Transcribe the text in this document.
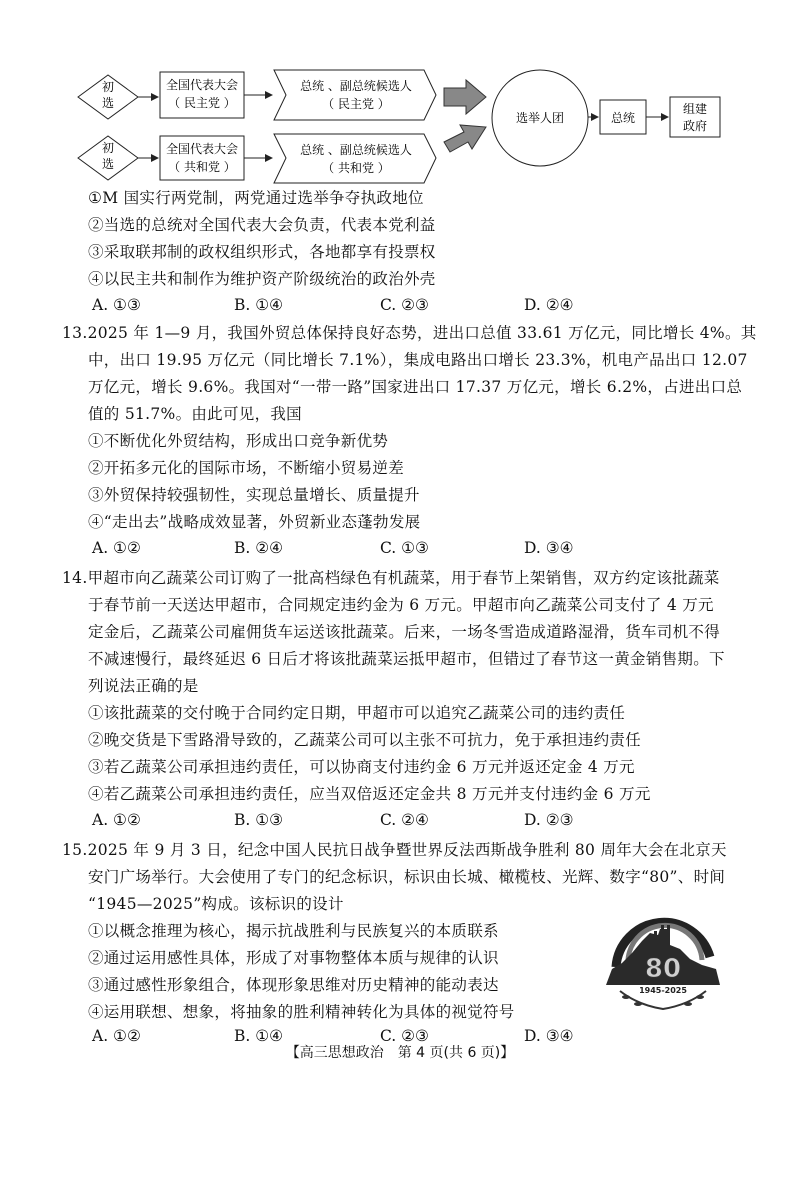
初
选
全国代表大会
（ 民主党 ）
总统 、副总统候选人
（ 民主党 ）
初
选
全国代表大会
（ 共和党 ）
总统 、副总统候选人
（ 共和党 ）
选举人团	总统
组建
政府
①M 国实行两党制，两党通过选举争夺执政地位
②当选的总统对全国代表大会负责，代表本党利益
③采取联邦制的政权组织形式，各地都享有投票权
④以民主共和制作为维护资产阶级统治的政治外壳
A. ①③	B. ①④	C. ②③	D. ②④
13.2025 年 1—9 月，我国外贸总体保持良好态势，进出口总值 33.61 万亿元，同比增长 4%。其
中，出口 19.95 万亿元（同比增长 7.1%），集成电路出口增长 23.3%，机电产品出口 12.07
万亿元，增长 9.6%。我国对“一带一路”国家进出口 17.37 万亿元，增长 6.2%，占进出口总
值的 51.7%。由此可见，我国
①不断优化外贸结构，形成出口竞争新优势
②开拓多元化的国际市场，不断缩小贸易逆差
③外贸保持较强韧性，实现总量增长、质量提升
④“走出去”战略成效显著，外贸新业态蓬勃发展
A. ①②	B. ②④	C. ①③	D. ③④
14.甲超市向乙蔬菜公司订购了一批高档绿色有机蔬菜，用于春节上架销售，双方约定该批蔬菜
于春节前一天送达甲超市，合同规定违约金为 6 万元。甲超市向乙蔬菜公司支付了 4 万元
定金后，乙蔬菜公司雇佣货车运送该批蔬菜。后来，一场冬雪造成道路湿滑，货车司机不得
不减速慢行，最终延迟 6 日后才将该批蔬菜运抵甲超市，但错过了春节这一黄金销售期。下
列说法正确的是
①该批蔬菜的交付晚于合同约定日期，甲超市可以追究乙蔬菜公司的违约责任
②晚交货是下雪路滑导致的，乙蔬菜公司可以主张不可抗力，免于承担违约责任
③若乙蔬菜公司承担违约责任，可以协商支付违约金 6 万元并返还定金 4 万元
④若乙蔬菜公司承担违约责任，应当双倍返还定金共 8 万元并支付违约金 6 万元
A. ①②	B. ①③	C. ②④	D. ②③
15.2025 年 9 月 3 日，纪念中国人民抗日战争暨世界反法西斯战争胜利 80 周年大会在北京天
安门广场举行。大会使用了专门的纪念标识，标识由长城、橄榄枝、光辉、数字“80”、时间
“1945—2025”构成。该标识的设计
①以概念推理为核心，揭示抗战胜利与民族复兴的本质联系
②通过运用感性具体，形成了对事物整体本质与规律的认识
③通过感性形象组合，体现形象思维对历史精神的能动表达
④运用联想、想象，将抽象的胜利精神转化为具体的视觉符号
A. ①②	B. ①④	C. ②③	D. ③④
80
1945-2025
【高三思想政治　第 4 页(共 6 页)】
